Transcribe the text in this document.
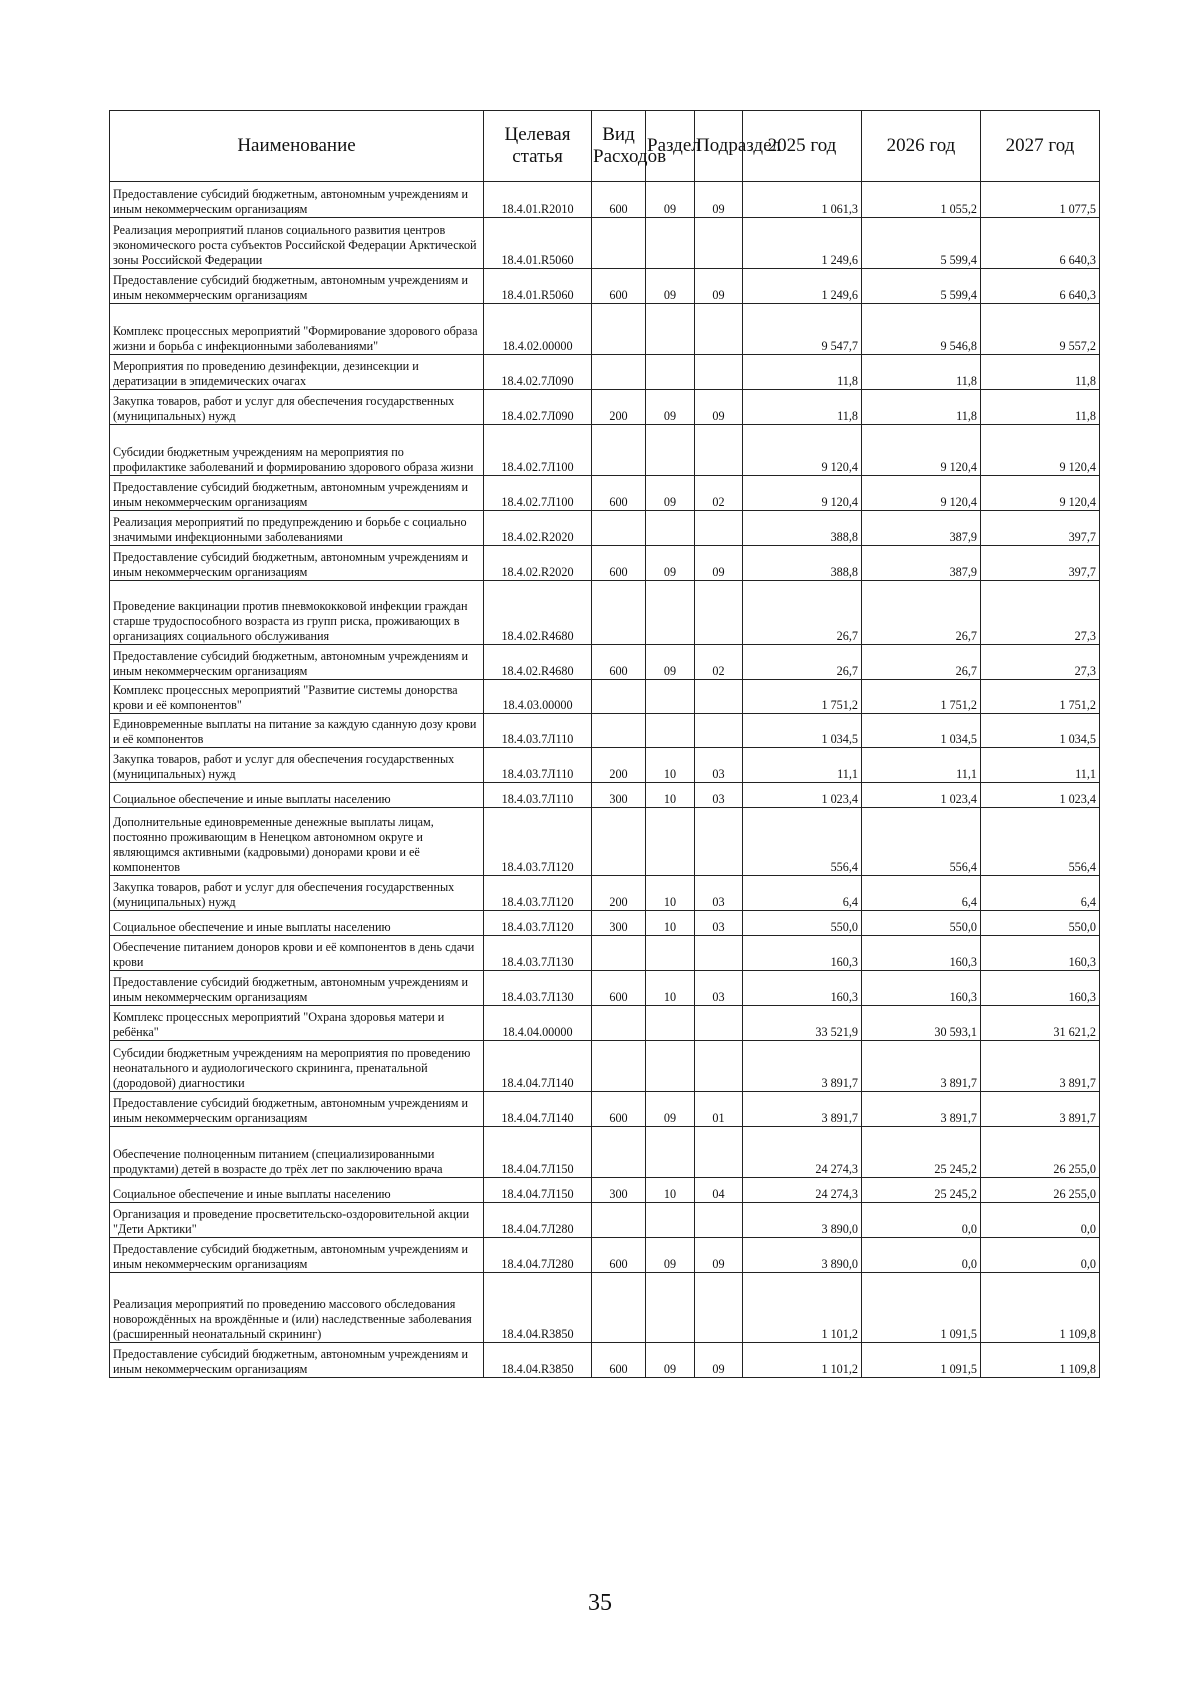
Наименование	Целевая статья	Вид Расходов	Раздел	Подраздел	2025 год	2026 год	2027 год
Предоставление субсидий бюджетным, автономным учреждениям и иным некоммерческим организациям	18.4.01.R2010	600	09	09	1 061,3	1 055,2	1 077,5
Реализация мероприятий планов социального развития центров экономического роста субъектов Российской Федерации Арктической зоны Российской Федерации	18.4.01.R5060				1 249,6	5 599,4	6 640,3
Предоставление субсидий бюджетным, автономным учреждениям и иным некоммерческим организациям	18.4.01.R5060	600	09	09	1 249,6	5 599,4	6 640,3
Комплекс процессных мероприятий "Формирование здорового образа жизни и борьба с инфекционными заболеваниями"	18.4.02.00000				9 547,7	9 546,8	9 557,2
Мероприятия по проведению дезинфекции, дезинсекции и дератизации в эпидемических очагах	18.4.02.7Л090				11,8	11,8	11,8
Закупка товаров, работ и услуг для обеспечения государственных (муниципальных) нужд	18.4.02.7Л090	200	09	09	11,8	11,8	11,8
Субсидии бюджетным учреждениям на мероприятия по профилактике заболеваний и формированию здорового образа жизни	18.4.02.7Л100				9 120,4	9 120,4	9 120,4
Предоставление субсидий бюджетным, автономным учреждениям и иным некоммерческим организациям	18.4.02.7Л100	600	09	02	9 120,4	9 120,4	9 120,4
Реализация мероприятий по предупреждению и борьбе с социально значимыми инфекционными заболеваниями	18.4.02.R2020				388,8	387,9	397,7
Предоставление субсидий бюджетным, автономным учреждениям и иным некоммерческим организациям	18.4.02.R2020	600	09	09	388,8	387,9	397,7
Проведение вакцинации против пневмококковой инфекции граждан старше трудоспособного возраста из групп риска, проживающих в организациях социального обслуживания	18.4.02.R4680				26,7	26,7	27,3
Предоставление субсидий бюджетным, автономным учреждениям и иным некоммерческим организациям	18.4.02.R4680	600	09	02	26,7	26,7	27,3
Комплекс процессных мероприятий "Развитие системы донорства крови и её компонентов"	18.4.03.00000				1 751,2	1 751,2	1 751,2
Единовременные выплаты на питание за каждую сданную дозу крови и её компонентов	18.4.03.7Л110				1 034,5	1 034,5	1 034,5
Закупка товаров, работ и услуг для обеспечения государственных (муниципальных) нужд	18.4.03.7Л110	200	10	03	11,1	11,1	11,1
Социальное обеспечение и иные выплаты населению	18.4.03.7Л110	300	10	03	1 023,4	1 023,4	1 023,4
Дополнительные единовременные денежные выплаты лицам, постоянно проживающим в Ненецком автономном округе и являющимся активными (кадровыми) донорами крови и её компонентов	18.4.03.7Л120				556,4	556,4	556,4
Закупка товаров, работ и услуг для обеспечения государственных (муниципальных) нужд	18.4.03.7Л120	200	10	03	6,4	6,4	6,4
Социальное обеспечение и иные выплаты населению	18.4.03.7Л120	300	10	03	550,0	550,0	550,0
Обеспечение питанием доноров крови и её компонентов в день сдачи крови	18.4.03.7Л130				160,3	160,3	160,3
Предоставление субсидий бюджетным, автономным учреждениям и иным некоммерческим организациям	18.4.03.7Л130	600	10	03	160,3	160,3	160,3
Комплекс процессных мероприятий "Охрана здоровья матери и ребёнка"	18.4.04.00000				33 521,9	30 593,1	31 621,2
Субсидии бюджетным учреждениям на мероприятия по проведению неонатального и аудиологического скрининга, пренатальной (дородовой) диагностики	18.4.04.7Л140				3 891,7	3 891,7	3 891,7
Предоставление субсидий бюджетным, автономным учреждениям и иным некоммерческим организациям	18.4.04.7Л140	600	09	01	3 891,7	3 891,7	3 891,7
Обеспечение полноценным питанием (специализированными продуктами) детей в возрасте до трёх лет по заключению врача	18.4.04.7Л150				24 274,3	25 245,2	26 255,0
Социальное обеспечение и иные выплаты населению	18.4.04.7Л150	300	10	04	24 274,3	25 245,2	26 255,0
Организация и проведение просветительско-оздоровительной акции "Дети Арктики"	18.4.04.7Л280				3 890,0	0,0	0,0
Предоставление субсидий бюджетным, автономным учреждениям и иным некоммерческим организациям	18.4.04.7Л280	600	09	09	3 890,0	0,0	0,0
Реализация мероприятий по проведению массового обследования новорождённых на врождённые и (или) наследственные заболевания (расширенный неонатальный скрининг)	18.4.04.R3850				1 101,2	1 091,5	1 109,8
Предоставление субсидий бюджетным, автономным учреждениям и иным некоммерческим организациям	18.4.04.R3850	600	09	09	1 101,2	1 091,5	1 109,8
35
